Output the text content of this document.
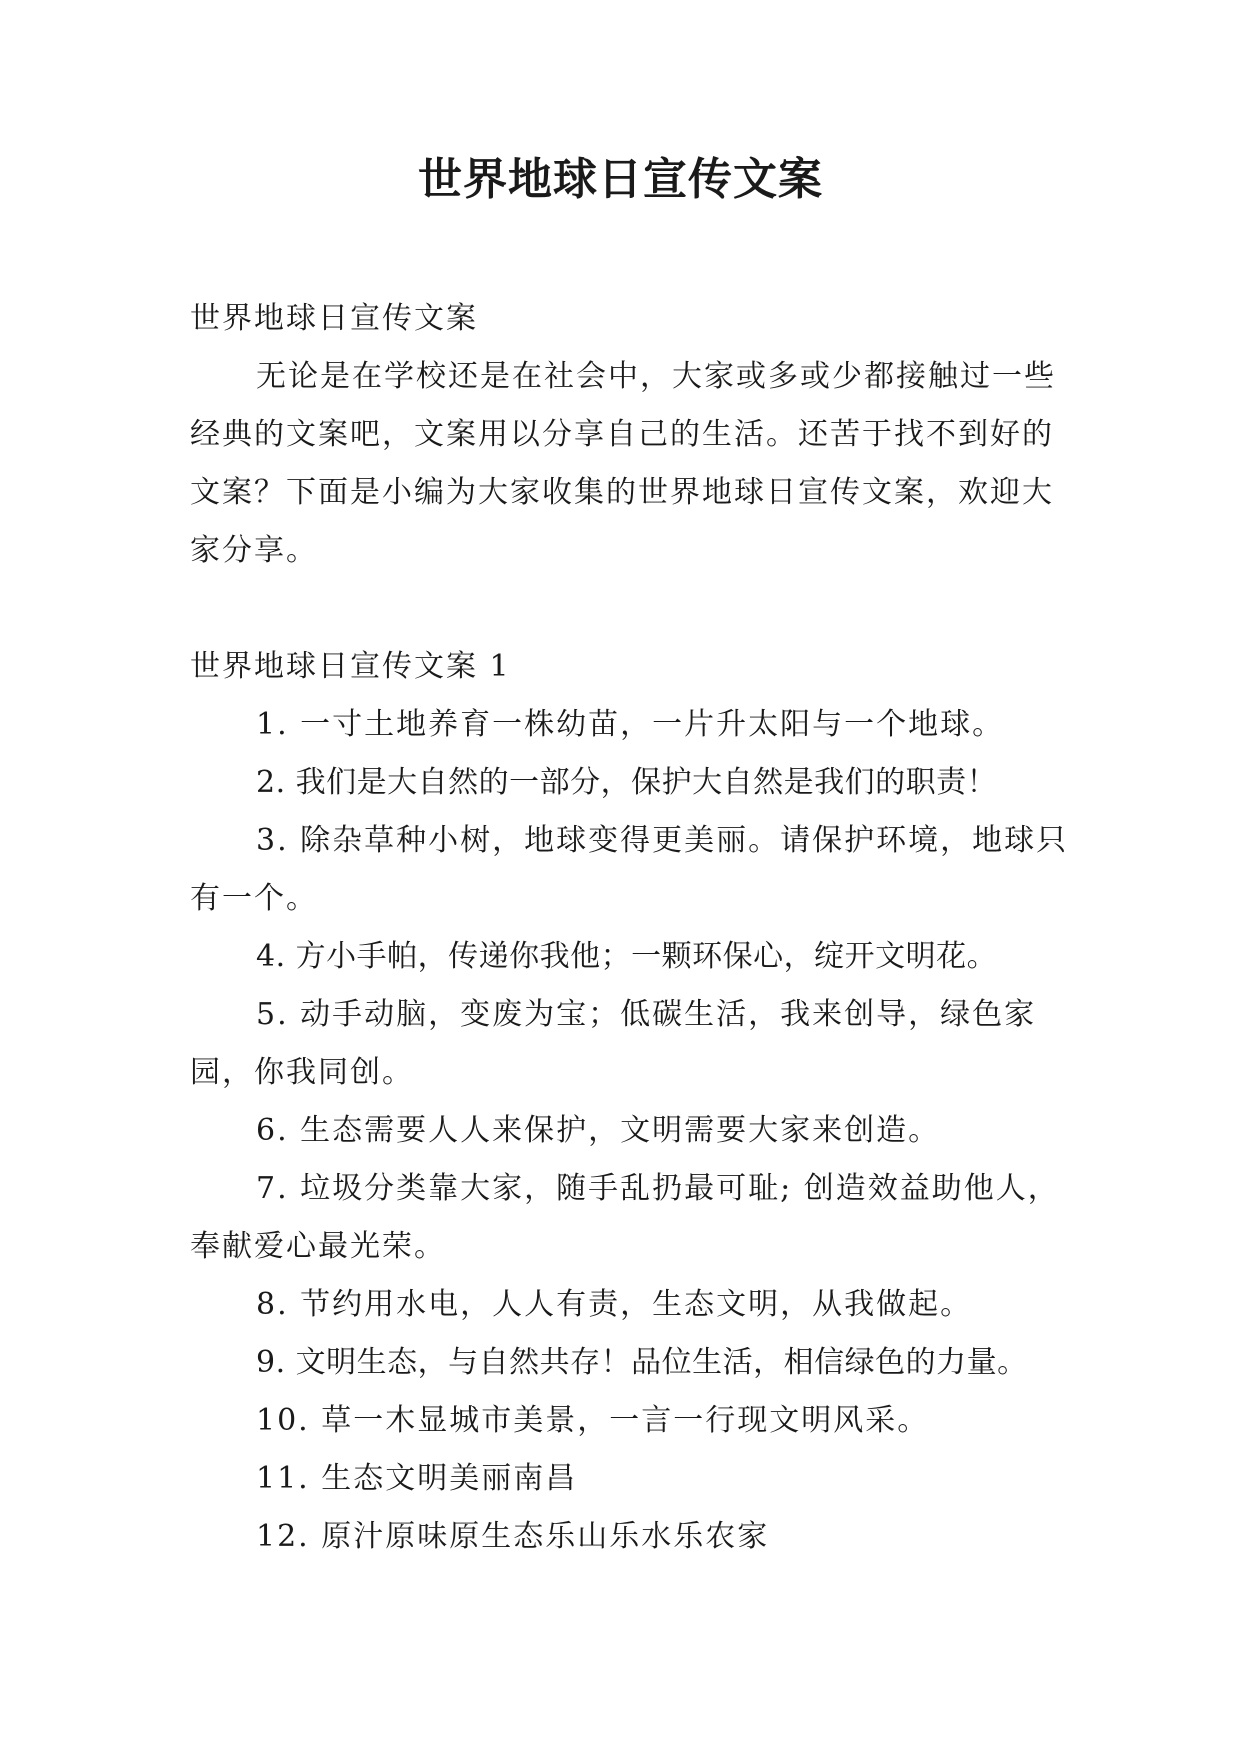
世界地球日宣传文案

世界地球日宣传文案

无论是在学校还是在社会中，大家或多或少都接触过一些经典的文案吧，文案用以分享自己的生活。还苦于找不到好的文案？下面是小编为大家收集的世界地球日宣传文案，欢迎大家分享。

世界地球日宣传文案 1

1. 一寸土地养育一株幼苗，一片升太阳与一个地球。

2. 我们是大自然的一部分，保护大自然是我们的职责！

3. 除杂草种小树，地球变得更美丽。请保护环境，地球只有一个。

4. 方小手帕，传递你我他；一颗环保心，绽开文明花。

5. 动手动脑，变废为宝；低碳生活，我来创导，绿色家园，你我同创。

6. 生态需要人人来保护，文明需要大家来创造。

7. 垃圾分类靠大家，随手乱扔最可耻; 创造效益助他人，奉献爱心最光荣。

8. 节约用水电，人人有责，生态文明，从我做起。

9. 文明生态，与自然共存！品位生活，相信绿色的力量。

10. 草一木显城市美景，一言一行现文明风采。

11. 生态文明美丽南昌

12. 原汁原味原生态乐山乐水乐农家
